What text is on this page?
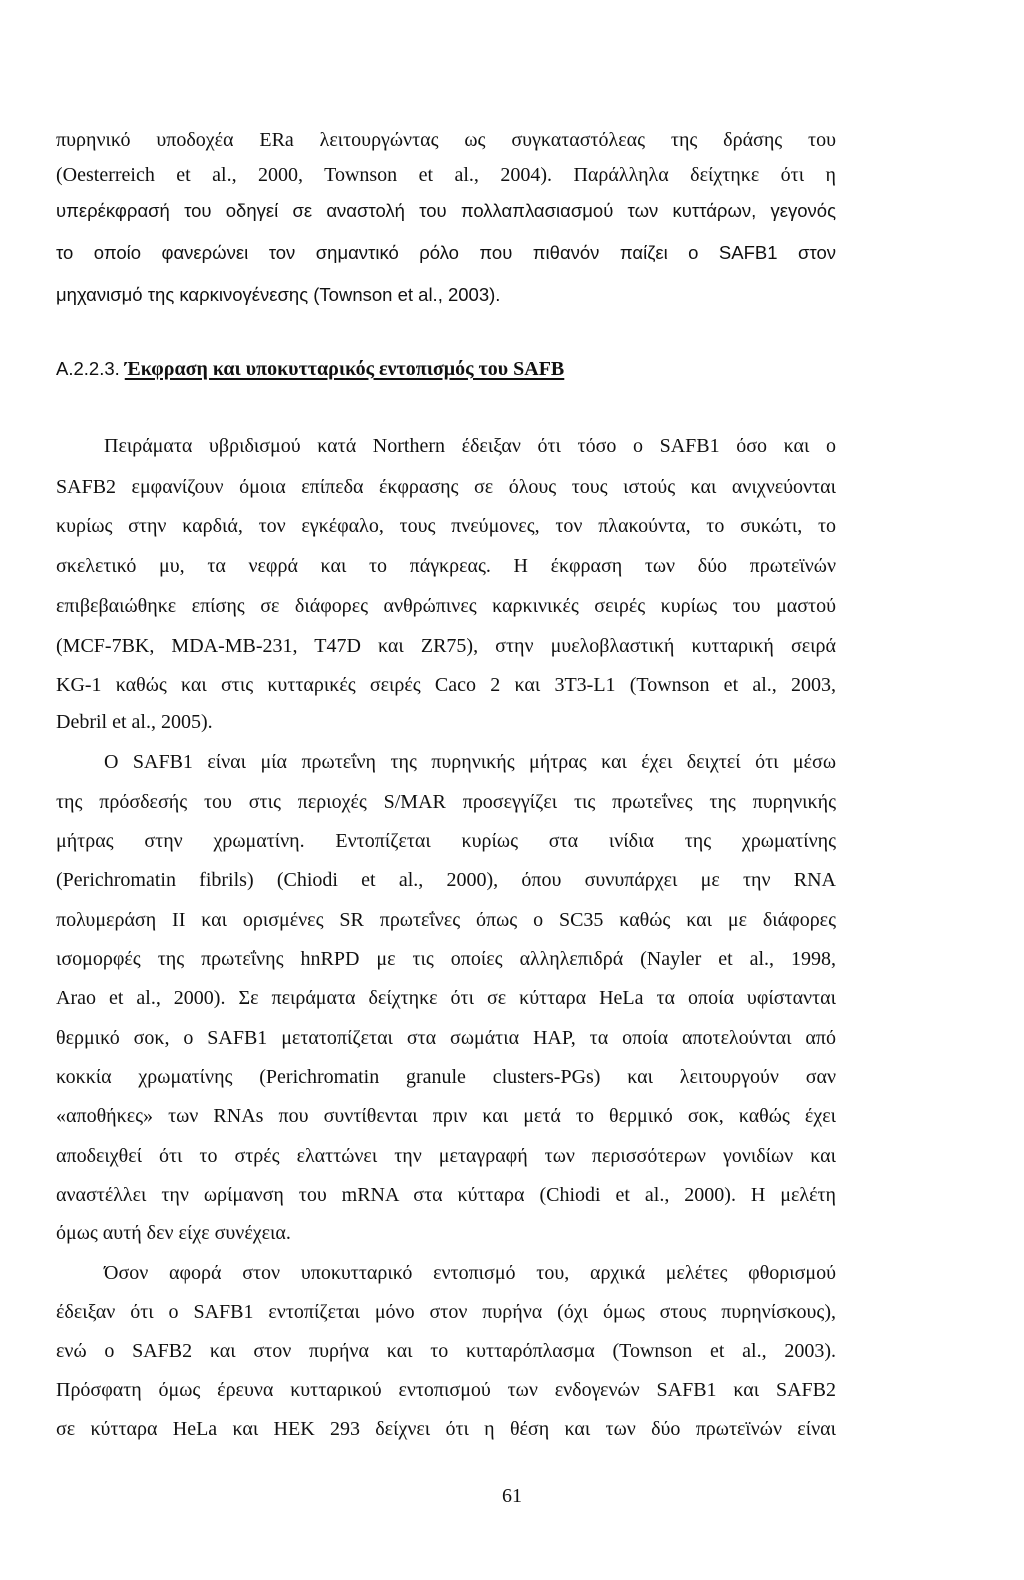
πυρηνικό υποδοχέα ERa λειτουργώντας ως συγκαταστόλεας της δράσης του
(Oesterreich et al., 2000, Townson et al., 2004). Παράλληλα δείχτηκε ότι η
υπερέκφρασή του οδηγεί σε αναστολή του πολλαπλασιασμού των κυττάρων, γεγονός
το οποίο φανερώνει τον σημαντικό ρόλο που πιθανόν παίζει ο SAFB1 στον
μηχανισμό της καρκινογένεσης (Townson et al., 2003).
A.2.2.3. Έκφραση και υποκυτταρικός εντοπισμός του SAFB
Πειράματα υβριδισμού κατά Northern έδειξαν ότι τόσο ο SAFB1 όσο και ο
SAFB2 εμφανίζουν όμοια επίπεδα έκφρασης σε όλους τους ιστούς και ανιχνεύονται
κυρίως στην καρδιά, τον εγκέφαλο, τους πνεύμονες, τον πλακούντα, το συκώτι, το
σκελετικό μυ, τα νεφρά και το πάγκρεας. Η έκφραση των δύο πρωτεϊνών
επιβεβαιώθηκε επίσης σε διάφορες ανθρώπινες καρκινικές σειρές κυρίως του μαστού
(MCF-7BK, MDA-MB-231, T47D και ZR75), στην μυελοβλαστική κυτταρική σειρά
KG-1 καθώς και στις κυτταρικές σειρές Caco 2 και 3T3-L1 (Townson et al., 2003,
Debril et al., 2005).
Ο SAFB1 είναι μία πρωτεΐνη της πυρηνικής μήτρας και έχει δειχτεί ότι μέσω
της πρόσδεσής του στις περιοχές S/MAR προσεγγίζει τις πρωτεΐνες της πυρηνικής
μήτρας στην χρωματίνη. Εντοπίζεται κυρίως στα ινίδια της χρωματίνης
(Perichromatin fibrils) (Chiodi et al., 2000), όπου συνυπάρχει με την RNA
πολυμεράση II και ορισμένες SR πρωτεΐνες όπως ο SC35 καθώς και με διάφορες
ισομορφές της πρωτεΐνης hnRPD με τις οποίες αλληλεπιδρά (Nayler et al., 1998,
Arao et al., 2000). Σε πειράματα δείχτηκε ότι σε κύτταρα HeLa τα οποία υφίστανται
θερμικό σοκ, ο SAFB1 μετατοπίζεται στα σωμάτια HAP, τα οποία αποτελούνται από
κοκκία χρωματίνης (Perichromatin granule clusters-PGs) και λειτουργούν σαν
«αποθήκες» των RNAs που συντίθενται πριν και μετά το θερμικό σοκ, καθώς έχει
αποδειχθεί ότι το στρές ελαττώνει την μεταγραφή των περισσότερων γονιδίων και
αναστέλλει την ωρίμανση του mRNA στα κύτταρα (Chiodi et al., 2000). Η μελέτη
όμως αυτή δεν είχε συνέχεια.
Όσον αφορά στον υποκυτταρικό εντοπισμό του, αρχικά μελέτες φθορισμού
έδειξαν ότι ο SAFB1 εντοπίζεται μόνο στον πυρήνα (όχι όμως στους πυρηνίσκους),
ενώ ο SAFB2 και στον πυρήνα και το κυτταρόπλασμα (Townson et al., 2003).
Πρόσφατη όμως έρευνα κυτταρικού εντοπισμού των ενδογενών SAFB1 και SAFB2
σε κύτταρα HeLa και HEK 293 δείχνει ότι η θέση και των δύο πρωτεϊνών είναι
61
